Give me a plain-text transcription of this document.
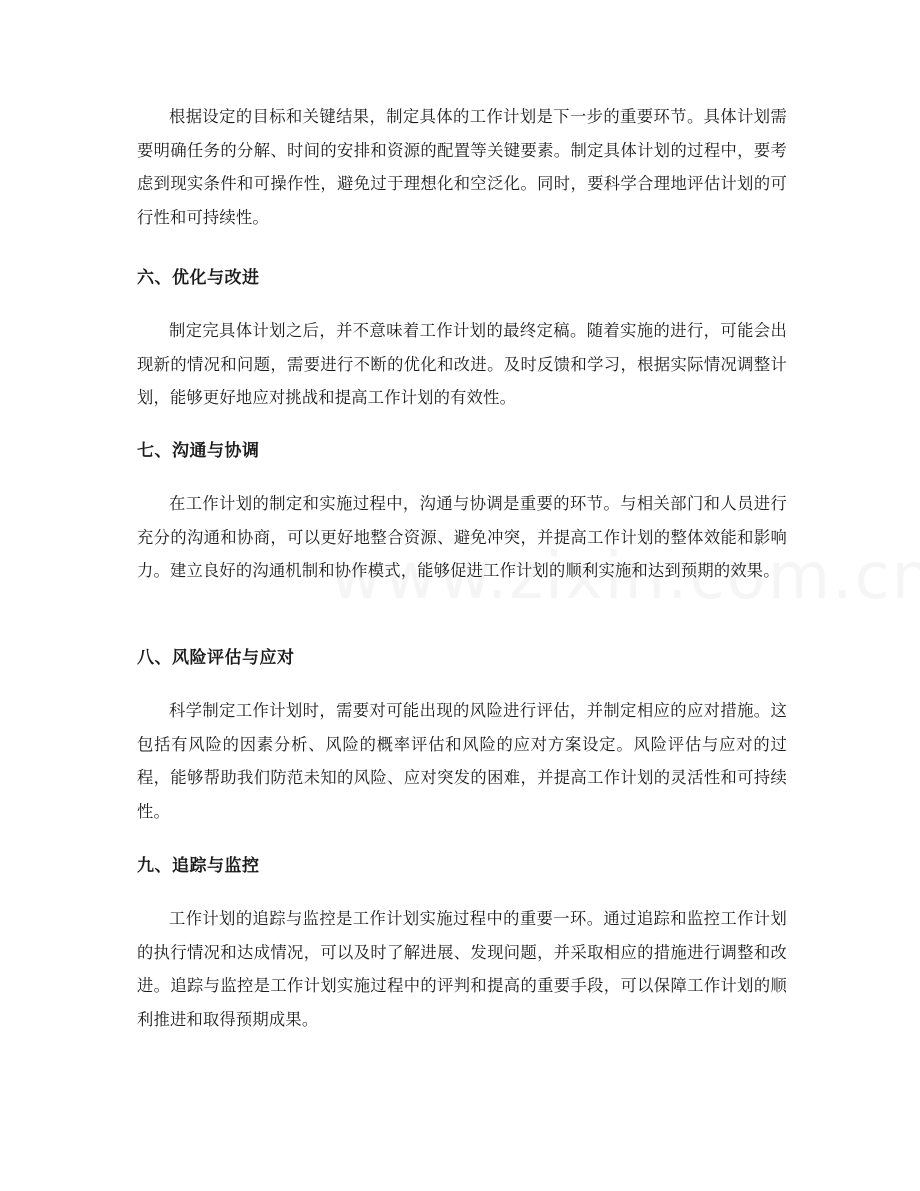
根据设定的目标和关键结果，制定具体的工作计划是下一步的重要环节。具体计划需要明确任务的分解、时间的安排和资源的配置等关键要素。制定具体计划的过程中，要考虑到现实条件和可操作性，避免过于理想化和空泛化。同时，要科学合理地评估计划的可行性和可持续性。

六、优化与改进

制定完具体计划之后，并不意味着工作计划的最终定稿。随着实施的进行，可能会出现新的情况和问题，需要进行不断的优化和改进。及时反馈和学习，根据实际情况调整计划，能够更好地应对挑战和提高工作计划的有效性。

七、沟通与协调

在工作计划的制定和实施过程中，沟通与协调是重要的环节。与相关部门和人员进行充分的沟通和协商，可以更好地整合资源、避免冲突，并提高工作计划的整体效能和影响力。建立良好的沟通机制和协作模式，能够促进工作计划的顺利实施和达到预期的效果。

八、风险评估与应对

科学制定工作计划时，需要对可能出现的风险进行评估，并制定相应的应对措施。这包括有风险的因素分析、风险的概率评估和风险的应对方案设定。风险评估与应对的过程，能够帮助我们防范未知的风险、应对突发的困难，并提高工作计划的灵活性和可持续性。

九、追踪与监控

工作计划的追踪与监控是工作计划实施过程中的重要一环。通过追踪和监控工作计划的执行情况和达成情况，可以及时了解进展、发现问题，并采取相应的措施进行调整和改进。追踪与监控是工作计划实施过程中的评判和提高的重要手段，可以保障工作计划的顺利推进和取得预期成果。
